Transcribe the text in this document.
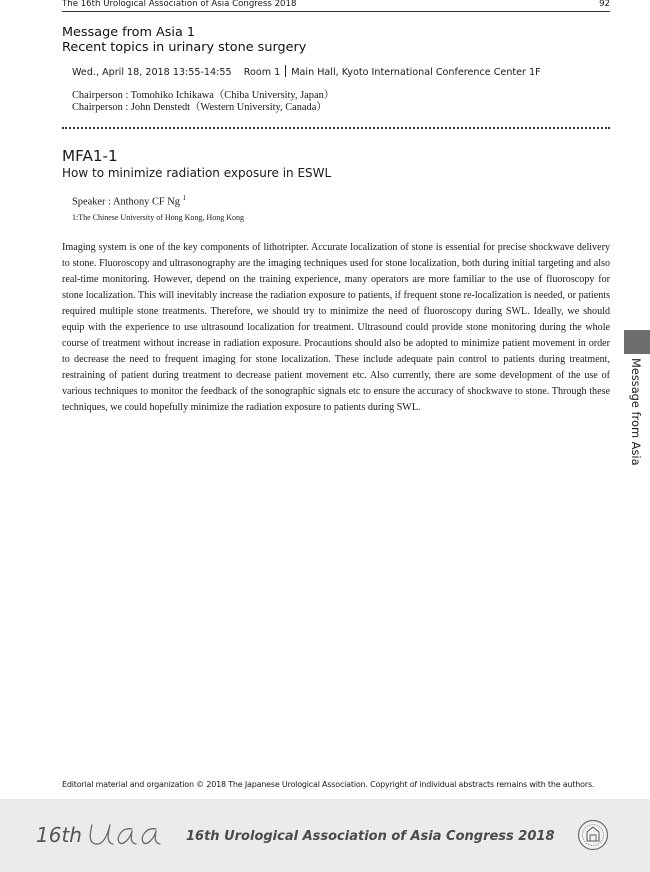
The 16th Urological Association of Asia Congress 2018	92
Message from Asia 1
Recent topics in urinary stone surgery
Wed., April 18, 2018 13:55-14:55 Room 1 Main Hall, Kyoto International Conference Center 1F
Chairperson : Tomohiko Ichikawa（Chiba University, Japan）
Chairperson : John Denstedt（Western University, Canada）
MFA1-1
How to minimize radiation exposure in ESWL
Speaker : Anthony CF Ng $^1$
1:The Chinese University of Hong Kong, Hong Kong
Imaging system is one of the key components of lithotripter. Accurate localization of stone is essential for precise shockwave delivery to stone. Fluoroscopy and ultrasonography are the imaging techniques used for stone localization, both during initial targeting and also real-time monitoring. However, depend on the training experience, many operators are more familiar to the use of fluoroscopy for stone localization. This will inevitably increase the radiation exposure to patients, if frequent stone re-localization is needed, or patients required multiple stone treatments. Therefore, we should try to minimize the need of fluoroscopy during SWL. Ideally, we should equip with the experience to use ultrasound localization for treatment. Ultrasound could provide stone monitoring during the whole course of treatment without increase in radiation exposure. Procautions should also be adopted to minimize patient movement in order to decrease the need to frequent imaging for stone localization. These include adequate pain control to patients during treatment, restraining of patient during treatment to decrease patient movement etc. Also currently, there are some development of the use of various techniques to monitor the feedback of the sonographic signals etc to ensure the accuracy of shockwave to stone. Through these techniques, we could hopefully minimize the radiation exposure to patients during SWL.	Message from Asia
Editorial material and organization © 2018 The Japanese Urological Association. Copyright of individual abstracts remains with the authors.
16th	16th Urological Association of Asia Congress 2018
